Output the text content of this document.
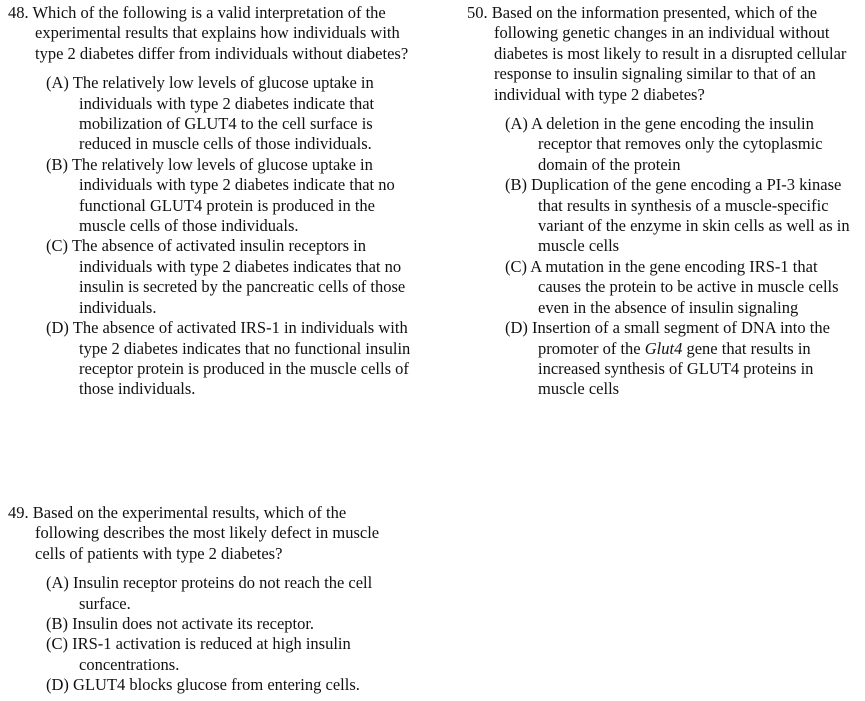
48. Which of the following is a valid interpretation of the experimental results that explains how individuals with type 2 diabetes differ from individuals without diabetes?
(A) The relatively low levels of glucose uptake in individuals with type 2 diabetes indicate that mobilization of GLUT4 to the cell surface is reduced in muscle cells of those individuals.
(B) The relatively low levels of glucose uptake in individuals with type 2 diabetes indicate that no functional GLUT4 protein is produced in the muscle cells of those individuals.
(C) The absence of activated insulin receptors in individuals with type 2 diabetes indicates that no insulin is secreted by the pancreatic cells of those individuals.
(D) The absence of activated IRS-1 in individuals with type 2 diabetes indicates that no functional insulin receptor protein is produced in the muscle cells of those individuals.
49. Based on the experimental results, which of the following describes the most likely defect in muscle cells of patients with type 2 diabetes?
(A) Insulin receptor proteins do not reach the cell surface.
(B) Insulin does not activate its receptor.
(C) IRS-1 activation is reduced at high insulin concentrations.
(D) GLUT4 blocks glucose from entering cells.
50. Based on the information presented, which of the following genetic changes in an individual without diabetes is most likely to result in a disrupted cellular response to insulin signaling similar to that of an individual with type 2 diabetes?
(A) A deletion in the gene encoding the insulin receptor that removes only the cytoplasmic domain of the protein
(B) Duplication of the gene encoding a PI-3 kinase that results in synthesis of a muscle-specific variant of the enzyme in skin cells as well as in muscle cells
(C) A mutation in the gene encoding IRS-1 that causes the protein to be active in muscle cells even in the absence of insulin signaling
(D) Insertion of a small segment of DNA into the promoter of the Glut4 gene that results in increased synthesis of GLUT4 proteins in muscle cells
